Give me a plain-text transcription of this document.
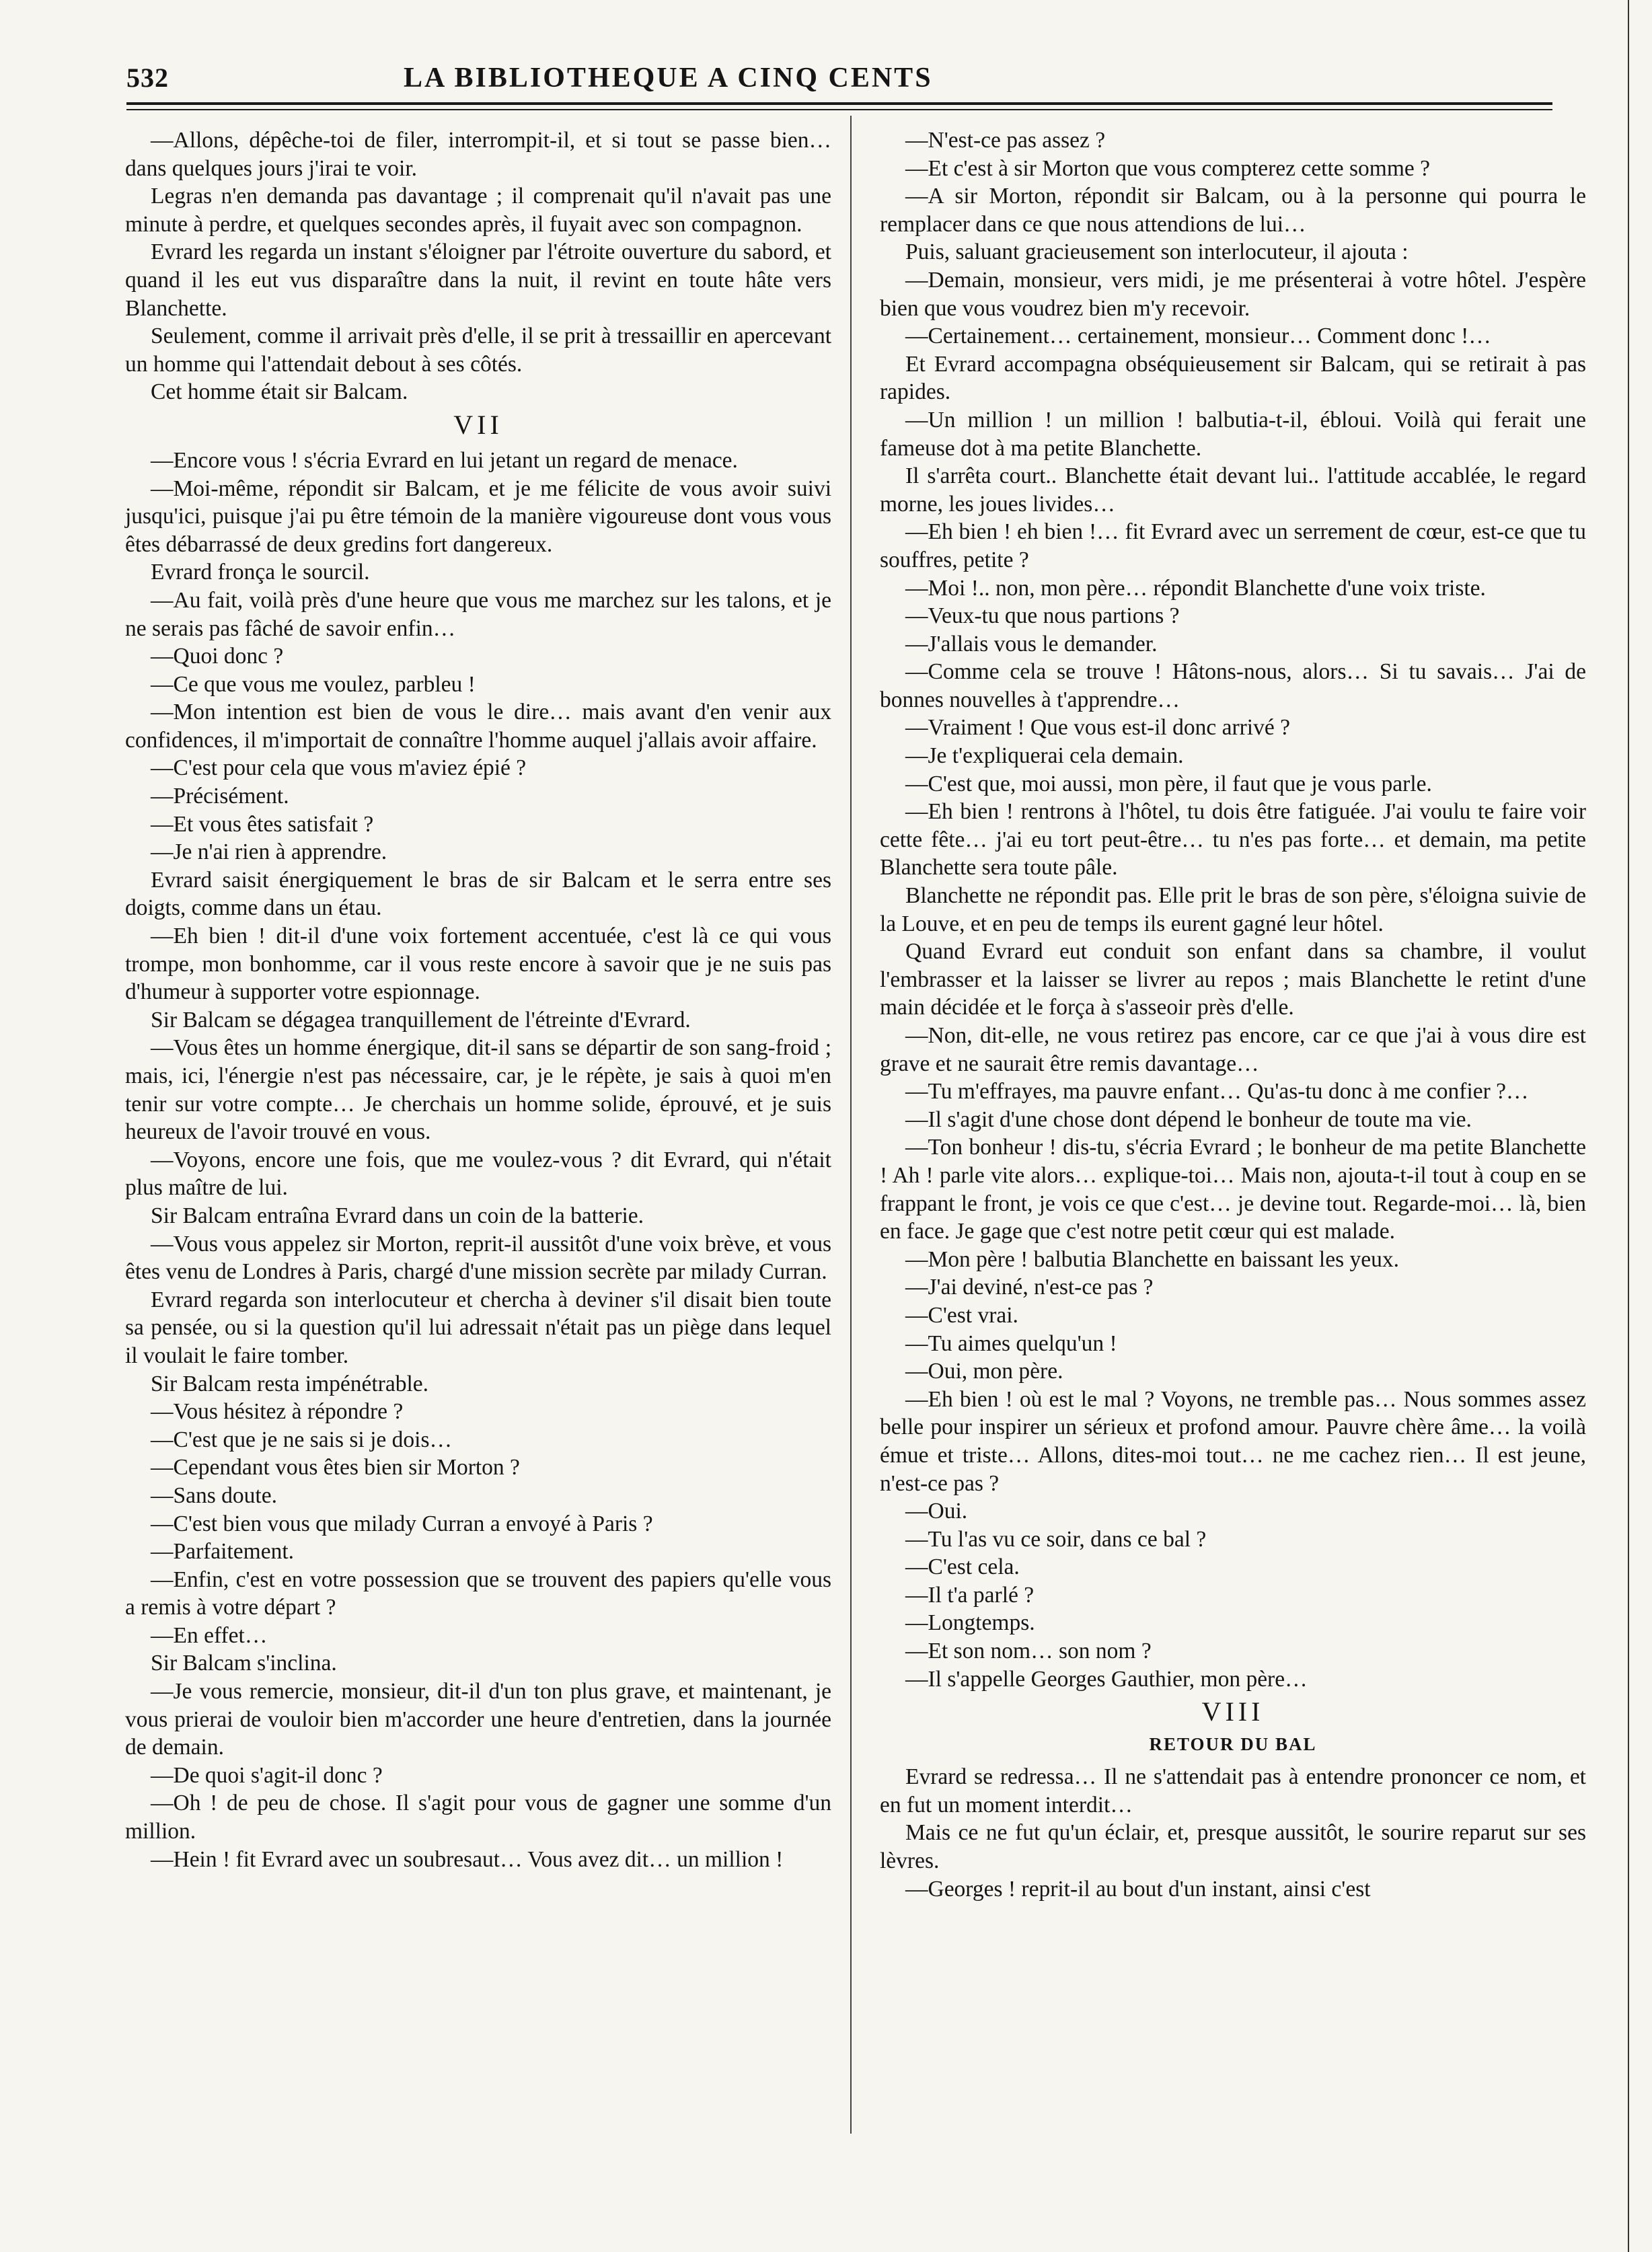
532	LA BIBLIOTHEQUE A CINQ CENTS

—Allons, dépêche-toi de filer, interrompit-il, et si tout se passe bien… dans quelques jours j'irai te voir.

Legras n'en demanda pas davantage ; il comprenait qu'il n'avait pas une minute à perdre, et quelques secondes après, il fuyait avec son compagnon.

Evrard les regarda un instant s'éloigner par l'étroite ouverture du sabord, et quand il les eut vus disparaître dans la nuit, il revint en toute hâte vers Blanchette.

Seulement, comme il arrivait près d'elle, il se prit à tressaillir en apercevant un homme qui l'attendait debout à ses côtés.

Cet homme était sir Balcam.

VII

—Encore vous ! s'écria Evrard en lui jetant un regard de menace.

—Moi-même, répondit sir Balcam, et je me félicite de vous avoir suivi jusqu'ici, puisque j'ai pu être témoin de la manière vigoureuse dont vous vous êtes débarrassé de deux gredins fort dangereux.

Evrard fronça le sourcil.

—Au fait, voilà près d'une heure que vous me marchez sur les talons, et je ne serais pas fâché de savoir enfin…

—Quoi donc ?

—Ce que vous me voulez, parbleu !

—Mon intention est bien de vous le dire… mais avant d'en venir aux confidences, il m'importait de connaître l'homme auquel j'allais avoir affaire.

—C'est pour cela que vous m'aviez épié ?

—Précisément.

—Et vous êtes satisfait ?

—Je n'ai rien à apprendre.

Evrard saisit énergiquement le bras de sir Balcam et le serra entre ses doigts, comme dans un étau.

—Eh bien ! dit-il d'une voix fortement accentuée, c'est là ce qui vous trompe, mon bonhomme, car il vous reste encore à savoir que je ne suis pas d'humeur à supporter votre espionnage.

Sir Balcam se dégagea tranquillement de l'étreinte d'Evrard.

—Vous êtes un homme énergique, dit-il sans se départir de son sang-froid ; mais, ici, l'énergie n'est pas nécessaire, car, je le répète, je sais à quoi m'en tenir sur votre compte… Je cherchais un homme solide, éprouvé, et je suis heureux de l'avoir trouvé en vous.

—Voyons, encore une fois, que me voulez-vous ? dit Evrard, qui n'était plus maître de lui.

Sir Balcam entraîna Evrard dans un coin de la batterie.

—Vous vous appelez sir Morton, reprit-il aussitôt d'une voix brève, et vous êtes venu de Londres à Paris, chargé d'une mission secrète par milady Curran.

Evrard regarda son interlocuteur et chercha à deviner s'il disait bien toute sa pensée, ou si la question qu'il lui adressait n'était pas un piège dans lequel il voulait le faire tomber.

Sir Balcam resta impénétrable.

—Vous hésitez à répondre ?

—C'est que je ne sais si je dois…

—Cependant vous êtes bien sir Morton ?

—Sans doute.

—C'est bien vous que milady Curran a envoyé à Paris ?

—Parfaitement.

—Enfin, c'est en votre possession que se trouvent des papiers qu'elle vous a remis à votre départ ?

—En effet…

Sir Balcam s'inclina.

—Je vous remercie, monsieur, dit-il d'un ton plus grave, et maintenant, je vous prierai de vouloir bien m'accorder une heure d'entretien, dans la journée de demain.

—De quoi s'agit-il donc ?

—Oh ! de peu de chose. Il s'agit pour vous de gagner une somme d'un million.

—Hein ! fit Evrard avec un soubresaut… Vous avez dit… un million !

—N'est-ce pas assez ?

—Et c'est à sir Morton que vous compterez cette somme ?

—A sir Morton, répondit sir Balcam, ou à la personne qui pourra le remplacer dans ce que nous attendions de lui…

Puis, saluant gracieusement son interlocuteur, il ajouta :

—Demain, monsieur, vers midi, je me présenterai à votre hôtel. J'espère bien que vous voudrez bien m'y recevoir.

—Certainement… certainement, monsieur… Comment donc !…

Et Evrard accompagna obséquieusement sir Balcam, qui se retirait à pas rapides.

—Un million ! un million ! balbutia-t-il, ébloui. Voilà qui ferait une fameuse dot à ma petite Blanchette.

Il s'arrêta court.. Blanchette était devant lui.. l'attitude accablée, le regard morne, les joues livides…

—Eh bien ! eh bien !… fit Evrard avec un serrement de cœur, est-ce que tu souffres, petite ?

—Moi !.. non, mon père… répondit Blanchette d'une voix triste.

—Veux-tu que nous partions ?

—J'allais vous le demander.

—Comme cela se trouve ! Hâtons-nous, alors… Si tu savais… J'ai de bonnes nouvelles à t'apprendre…

—Vraiment ! Que vous est-il donc arrivé ?

—Je t'expliquerai cela demain.

—C'est que, moi aussi, mon père, il faut que je vous parle.

—Eh bien ! rentrons à l'hôtel, tu dois être fatiguée. J'ai voulu te faire voir cette fête… j'ai eu tort peut-être… tu n'es pas forte… et demain, ma petite Blanchette sera toute pâle.

Blanchette ne répondit pas. Elle prit le bras de son père, s'éloigna suivie de la Louve, et en peu de temps ils eurent gagné leur hôtel.

Quand Evrard eut conduit son enfant dans sa chambre, il voulut l'embrasser et la laisser se livrer au repos ; mais Blanchette le retint d'une main décidée et le força à s'asseoir près d'elle.

—Non, dit-elle, ne vous retirez pas encore, car ce que j'ai à vous dire est grave et ne saurait être remis davantage…

—Tu m'effrayes, ma pauvre enfant… Qu'as-tu donc à me confier ?…

—Il s'agit d'une chose dont dépend le bonheur de toute ma vie.

—Ton bonheur ! dis-tu, s'écria Evrard ; le bonheur de ma petite Blanchette ! Ah ! parle vite alors… explique-toi… Mais non, ajouta-t-il tout à coup en se frappant le front, je vois ce que c'est… je devine tout. Regarde-moi… là, bien en face. Je gage que c'est notre petit cœur qui est malade.

—Mon père ! balbutia Blanchette en baissant les yeux.

—J'ai deviné, n'est-ce pas ?

—C'est vrai.

—Tu aimes quelqu'un !

—Oui, mon père.

—Eh bien ! où est le mal ? Voyons, ne tremble pas… Nous sommes assez belle pour inspirer un sérieux et profond amour. Pauvre chère âme… la voilà émue et triste… Allons, dites-moi tout… ne me cachez rien… Il est jeune, n'est-ce pas ?

—Oui.

—Tu l'as vu ce soir, dans ce bal ?

—C'est cela.

—Il t'a parlé ?

—Longtemps.

—Et son nom… son nom ?

—Il s'appelle Georges Gauthier, mon père…

VIII
RETOUR DU BAL

Evrard se redressa… Il ne s'attendait pas à entendre prononcer ce nom, et en fut un moment interdit…

Mais ce ne fut qu'un éclair, et, presque aussitôt, le sourire reparut sur ses lèvres.

—Georges ! reprit-il au bout d'un instant, ainsi c'est
